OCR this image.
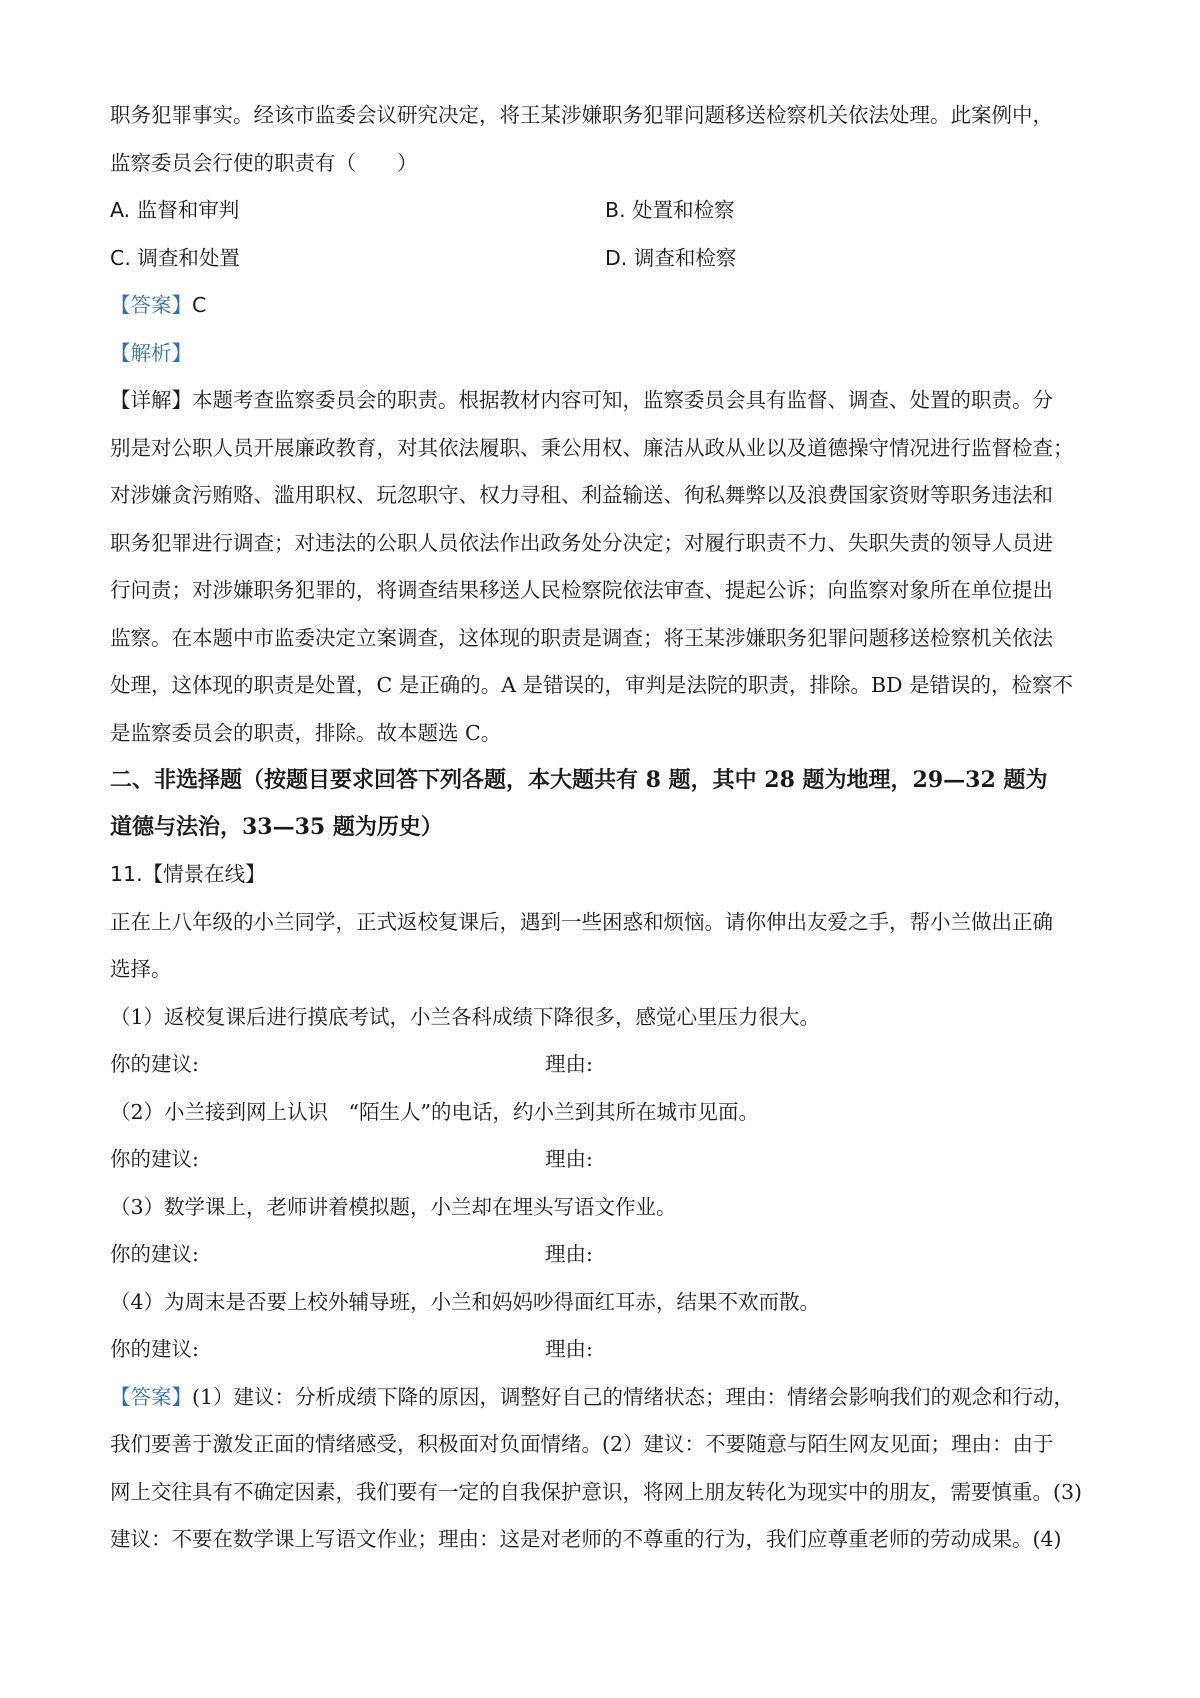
职务犯罪事实。经该市监委会议研究决定，将王某涉嫌职务犯罪问题移送检察机关依法处理。此案例中，

监察委员会行使的职责有（　　）

A. 监督和审判	B. 处置和检察
C. 调查和处置	D. 调查和检察

【答案】C

【解析】

【详解】本题考查监察委员会的职责。根据教材内容可知，监察委员会具有监督、调查、处置的职责。分

别是对公职人员开展廉政教育，对其依法履职、秉公用权、廉洁从政从业以及道德操守情况进行监督检查；

对涉嫌贪污贿赂、滥用职权、玩忽职守、权力寻租、利益输送、徇私舞弊以及浪费国家资财等职务违法和

职务犯罪进行调查；对违法的公职人员依法作出政务处分决定；对履行职责不力、失职失责的领导人员进

行问责；对涉嫌职务犯罪的，将调查结果移送人民检察院依法审查、提起公诉；向监察对象所在单位提出

监察。在本题中市监委决定立案调查，这体现的职责是调查；将王某涉嫌职务犯罪问题移送检察机关依法

处理，这体现的职责是处置，C 是正确的。A 是错误的，审判是法院的职责，排除。BD 是错误的，检察不

是监察委员会的职责，排除。故本题选 C。

二、非选择题（按题目要求回答下列各题，本大题共有 8 题，其中 28 题为地理，29—32 题为

道德与法治，33—35 题为历史）

11.【情景在线】

正在上八年级的小兰同学，正式返校复课后，遇到一些困惑和烦恼。请你伸出友爱之手，帮小兰做出正确

选择。

（1）返校复课后进行摸底考试，小兰各科成绩下降很多，感觉心里压力很大。

你的建议:	理由:

（2）小兰接到网上认识　“陌生人”的电话，约小兰到其所在城市见面。

你的建议:	理由:

（3）数学课上，老师讲着模拟题，小兰却在埋头写语文作业。

你的建议:	理由:

（4）为周末是否要上校外辅导班，小兰和妈妈吵得面红耳赤，结果不欢而散。

你的建议:	理由:

【答案】(1）建议：分析成绩下降的原因，调整好自己的情绪状态；理由：情绪会影响我们的观念和行动，

我们要善于激发正面的情绪感受，积极面对负面情绪。(2）建议：不要随意与陌生网友见面；理由：由于

网上交往具有不确定因素，我们要有一定的自我保护意识，将网上朋友转化为现实中的朋友，需要慎重。(3)

建议：不要在数学课上写语文作业；理由：这是对老师的不尊重的行为，我们应尊重老师的劳动成果。(4)
